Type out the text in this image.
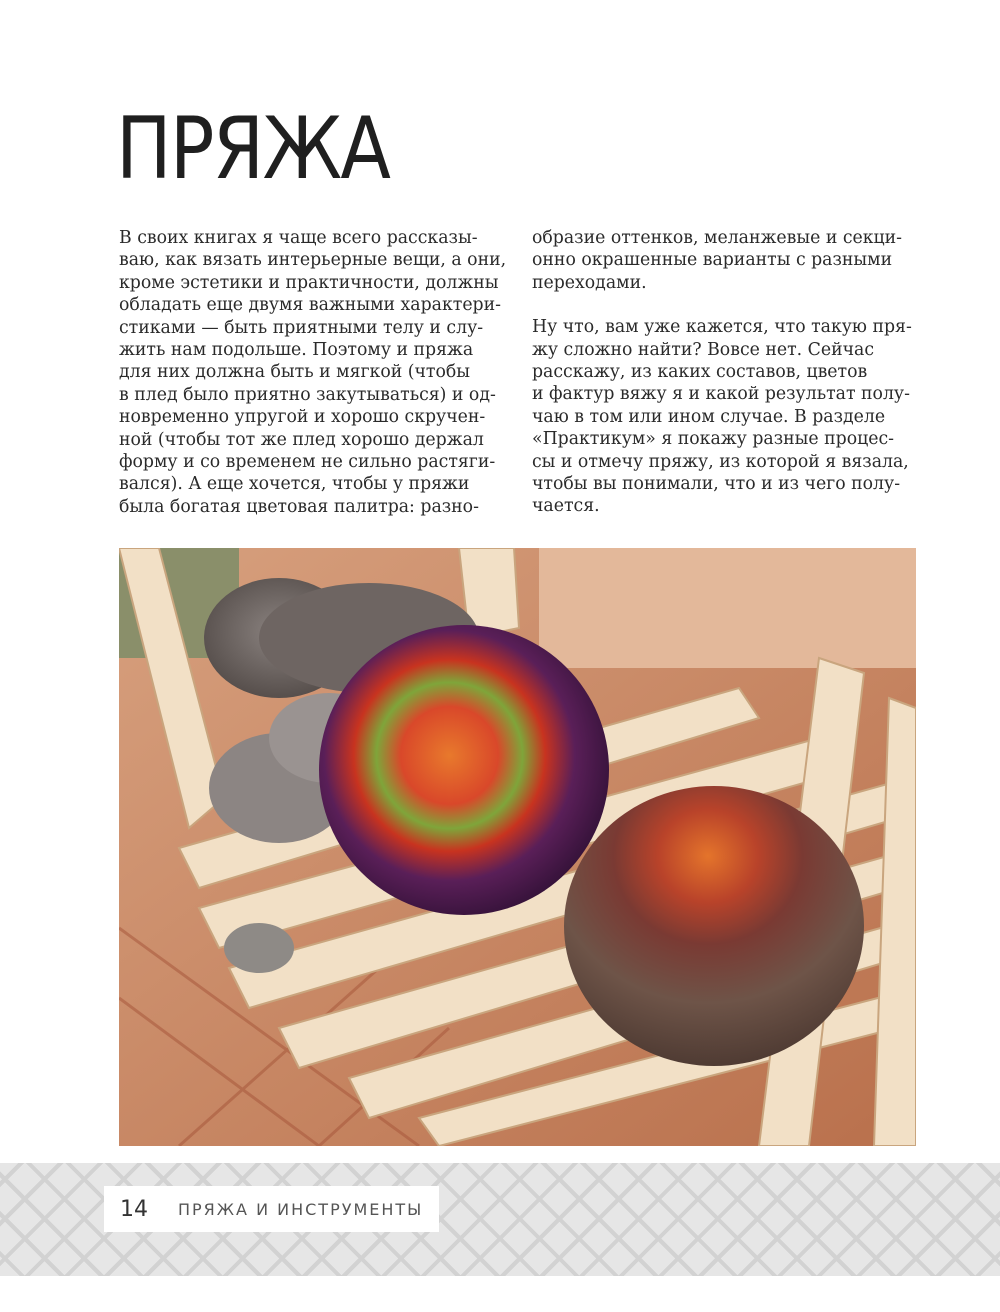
ПРЯЖА

В своих книгах я чаще всего рассказы-
ваю, как вязать интерьерные вещи, а они,
кроме эстетики и практичности, должны
обладать еще двумя важными характери-
стиками — быть приятными телу и слу-
жить нам подольше. Поэтому и пряжа
для них должна быть и мягкой (чтобы
в плед было приятно закутываться) и од-
новременно упругой и хорошо скручен-
ной (чтобы тот же плед хорошо держал
форму и со временем не сильно растяги-
вался). А еще хочется, чтобы у пряжи
была богатая цветовая палитра: разно-

образие оттенков, меланжевые и секци-
онно окрашенные варианты с разными
переходами.

Ну что, вам уже кажется, что такую пря-
жу сложно найти? Вовсе нет. Сейчас
расскажу, из каких составов, цветов
и фактур вяжу я и какой результат полу-
чаю в том или ином случае. В разделе
«Практикум» я покажу разные процес-
сы и отмечу пряжу, из которой я вязала,
чтобы вы понимали, что и из чего полу-
чается.

14 ПРЯЖА И ИНСТРУМЕНТЫ
